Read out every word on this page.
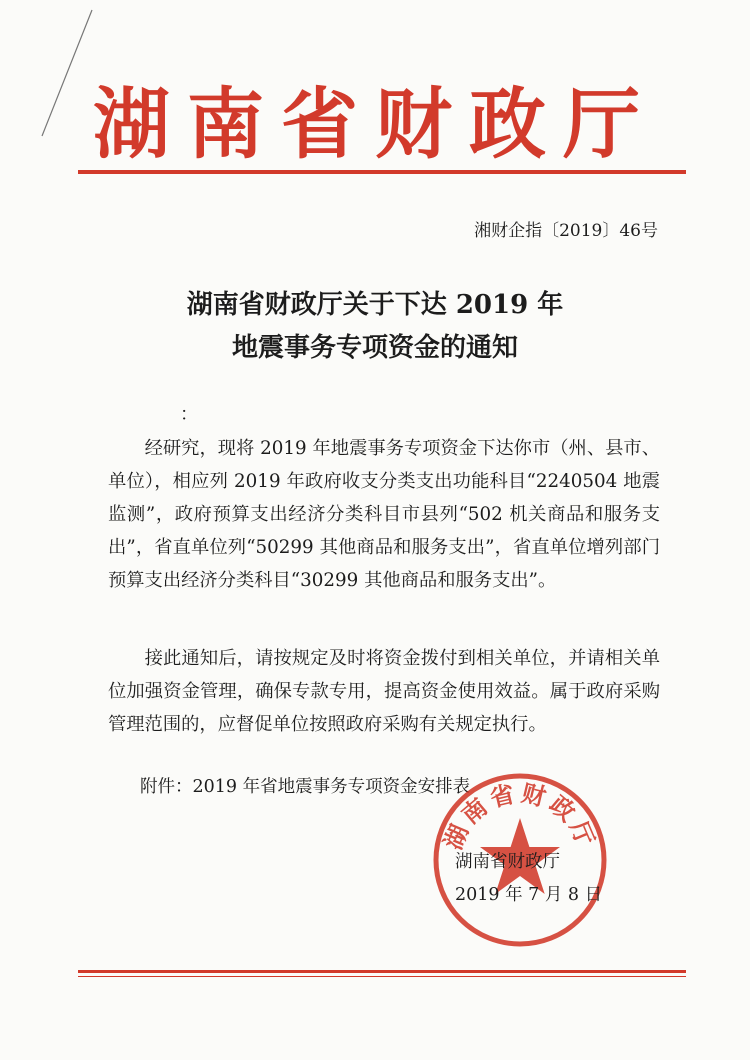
湖南省财政厅
湘财企指〔2019〕46号
湖南省财政厅关于下达 2019 年
地震事务专项资金的通知
：

经研究，现将 2019 年地震事务专项资金下达你市（州、县市、单位），相应列 2019 年政府收支分类支出功能科目“2240504 地震监测”，政府预算支出经济分类科目市县列“502 机关商品和服务支出”，省直单位列“50299 其他商品和服务支出”，省直单位增列部门预算支出经济分类科目“30299 其他商品和服务支出”。

接此通知后，请按规定及时将资金拨付到相关单位，并请相关单位加强资金管理，确保专款专用，提高资金使用效益。属于政府采购管理范围的，应督促单位按照政府采购有关规定执行。

附件：2019 年省地震事务专项资金安排表
湖南省财政厅
湖南省财政厅
2019 年 7 月 8 日
